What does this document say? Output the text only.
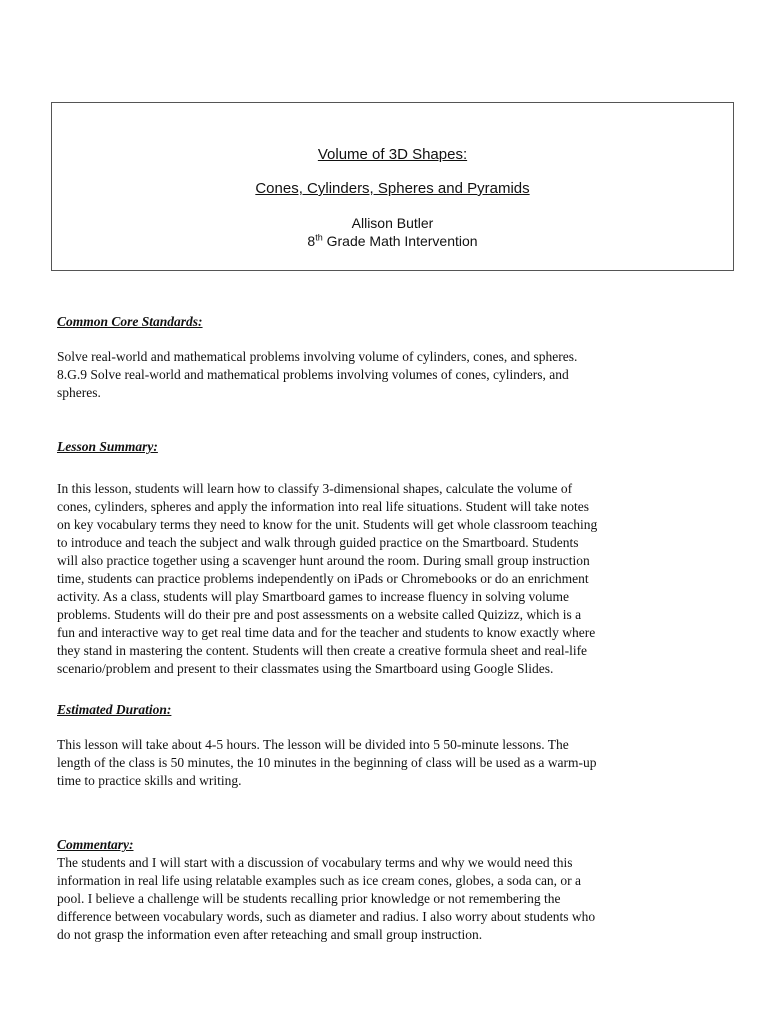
Volume of 3D Shapes:
Cones, Cylinders, Spheres and Pyramids
Allison Butler
8th Grade Math Intervention
Common Core Standards:

Solve real-world and mathematical problems involving volume of cylinders, cones, and spheres.
8.G.9 Solve real-world and mathematical problems involving volumes of cones, cylinders, and
spheres.

Lesson Summary:

In this lesson, students will learn how to classify 3-dimensional shapes, calculate the volume of
cones, cylinders, spheres and apply the information into real life situations. Student will take notes
on key vocabulary terms they need to know for the unit. Students will get whole classroom teaching
to introduce and teach the subject and walk through guided practice on the Smartboard. Students
will also practice together using a scavenger hunt around the room. During small group instruction
time, students can practice problems independently on iPads or Chromebooks or do an enrichment
activity. As a class, students will play Smartboard games to increase fluency in solving volume
problems. Students will do their pre and post assessments on a website called Quizizz, which is a
fun and interactive way to get real time data and for the teacher and students to know exactly where
they stand in mastering the content. Students will then create a creative formula sheet and real-life
scenario/problem and present to their classmates using the Smartboard using Google Slides.

Estimated Duration:

This lesson will take about 4-5 hours. The lesson will be divided into 5 50-minute lessons. The
length of the class is 50 minutes, the 10 minutes in the beginning of class will be used as a warm-up
time to practice skills and writing.

Commentary:

The students and I will start with a discussion of vocabulary terms and why we would need this
information in real life using relatable examples such as ice cream cones, globes, a soda can, or a
pool. I believe a challenge will be students recalling prior knowledge or not remembering the
difference between vocabulary words, such as diameter and radius. I also worry about students who
do not grasp the information even after reteaching and small group instruction.
